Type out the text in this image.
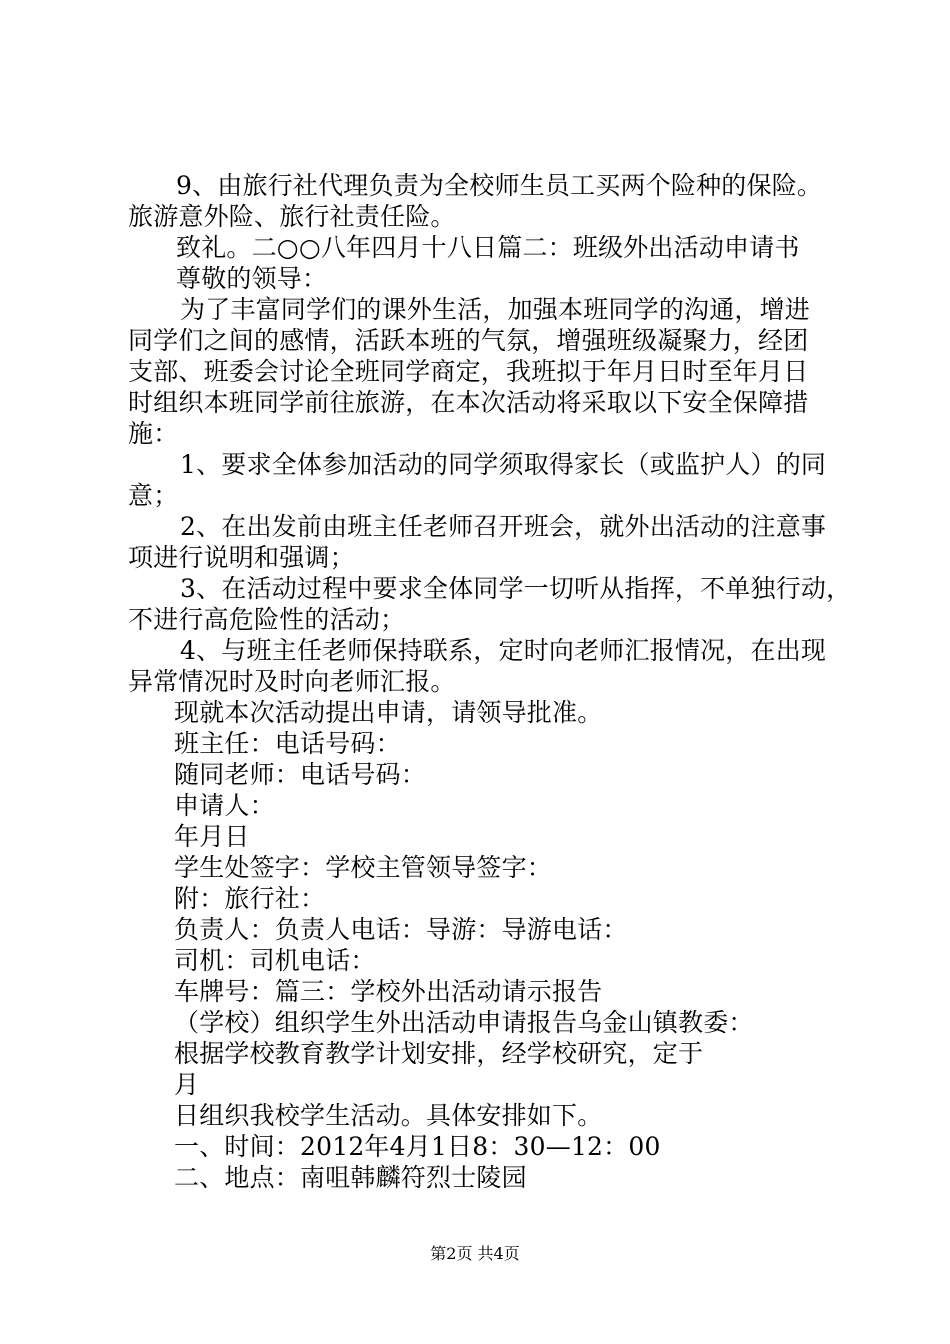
9、由旅行社代理负责为全校师生员工买两个险种的保险。
旅游意外险、旅行社责任险。
致礼。二○○八年四月十八日篇二：班级外出活动申请书
尊敬的领导：
为了丰富同学们的课外生活，加强本班同学的沟通，增进
同学们之间的感情，活跃本班的气氛，增强班级凝聚力，经团
支部、班委会讨论全班同学商定，我班拟于年月日时至年月日
时组织本班同学前往旅游，在本次活动将采取以下安全保障措
施：
1、要求全体参加活动的同学须取得家长（或监护人）的同
意；
2、在出发前由班主任老师召开班会，就外出活动的注意事
项进行说明和强调；
3、在活动过程中要求全体同学一切听从指挥，不单独行动，
不进行高危险性的活动；
4、与班主任老师保持联系，定时向老师汇报情况，在出现
异常情况时及时向老师汇报。
现就本次活动提出申请，请领导批准。
班主任：电话号码：
随同老师：电话号码：
申请人：
年月日
学生处签字：学校主管领导签字：
附：旅行社：
负责人：负责人电话：导游：导游电话：
司机：司机电话：
车牌号：篇三：学校外出活动请示报告
（学校）组织学生外出活动申请报告乌金山镇教委：
根据学校教育教学计划安排，经学校研究，定于
月
日组织我校学生活动。具体安排如下。
一、时间：2012年4月1日8：30—12：00
二、地点：南咀韩麟符烈士陵园
第2页 共4页
